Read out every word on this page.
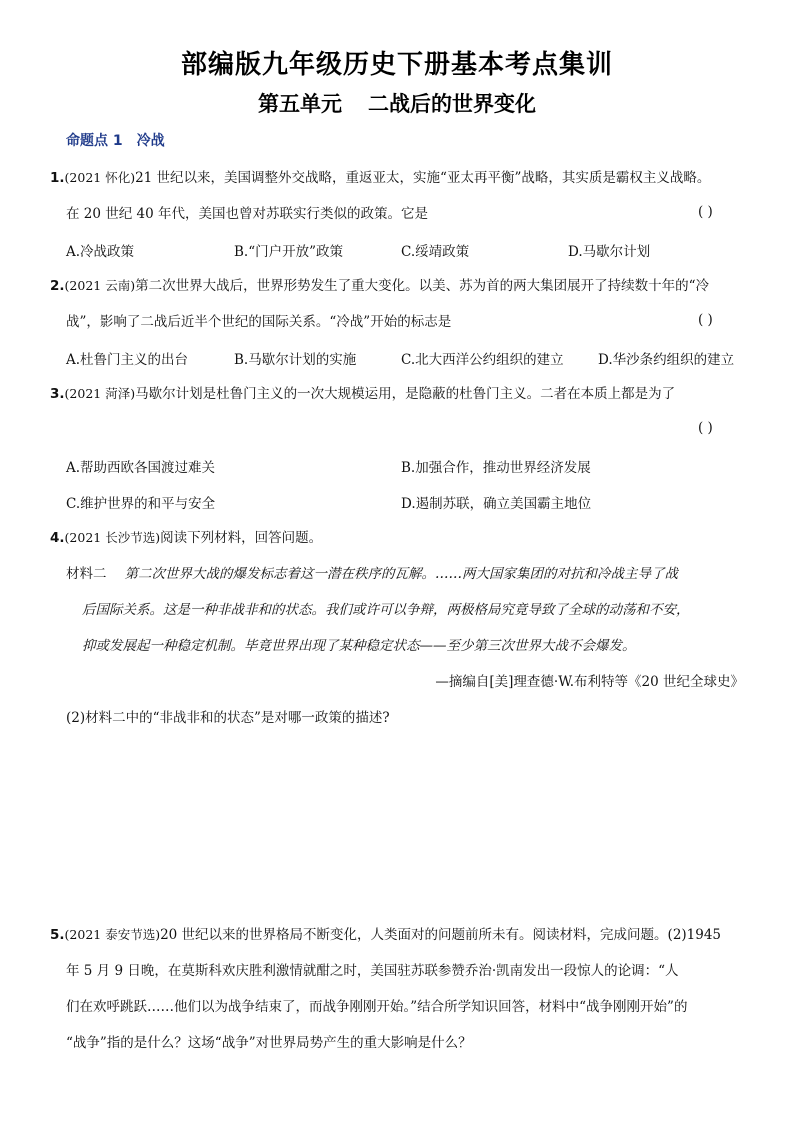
部编版九年级历史下册基本考点集训
第五单元 二战后的世界变化
命题点 1 冷战
1.(2021 怀化)21 世纪以来，美国调整外交战略，重返亚太，实施“亚太再平衡”战略，其实质是霸权主义战略。
在 20 世纪 40 年代，美国也曾对苏联实行类似的政策。它是	( )
A.冷战政策	B.“门户开放”政策	C.绥靖政策	D.马歇尔计划
2.(2021 云南)第二次世界大战后，世界形势发生了重大变化。以美、苏为首的两大集团展开了持续数十年的“冷
战”，影响了二战后近半个世纪的国际关系。“冷战”开始的标志是	( )
A.杜鲁门主义的出台	B.马歇尔计划的实施	C.北大西洋公约组织的建立	D.华沙条约组织的建立
3.(2021 菏泽)马歇尔计划是杜鲁门主义的一次大规模运用，是隐蔽的杜鲁门主义。二者在本质上都是为了
( )
A.帮助西欧各国渡过难关	B.加强合作，推动世界经济发展
C.维护世界的和平与安全	D.遏制苏联，确立美国霸主地位
4.(2021 长沙节选)阅读下列材料，回答问题。
材料二 第二次世界大战的爆发标志着这一潜在秩序的瓦解。……两大国家集团的对抗和冷战主导了战
后国际关系。这是一种非战非和的状态。我们或许可以争辩，两极格局究竟导致了全球的动荡和不安，
抑或发展起一种稳定机制。毕竟世界出现了某种稳定状态——至少第三次世界大战不会爆发。
—摘编自[美]理查德·W.布利特等《20 世纪全球史》
(2)材料二中的“非战非和的状态”是对哪一政策的描述?
5.(2021 泰安节选)20 世纪以来的世界格局不断变化，人类面对的问题前所未有。阅读材料，完成问题。(2)1945
年 5 月 9 日晚，在莫斯科欢庆胜利激情就酣之时，美国驻苏联参赞乔治·凯南发出一段惊人的论调：“人
们在欢呼跳跃……他们以为战争结束了，而战争刚刚开始。”结合所学知识回答，材料中“战争刚刚开始”的
“战争”指的是什么？这场“战争”对世界局势产生的重大影响是什么？
